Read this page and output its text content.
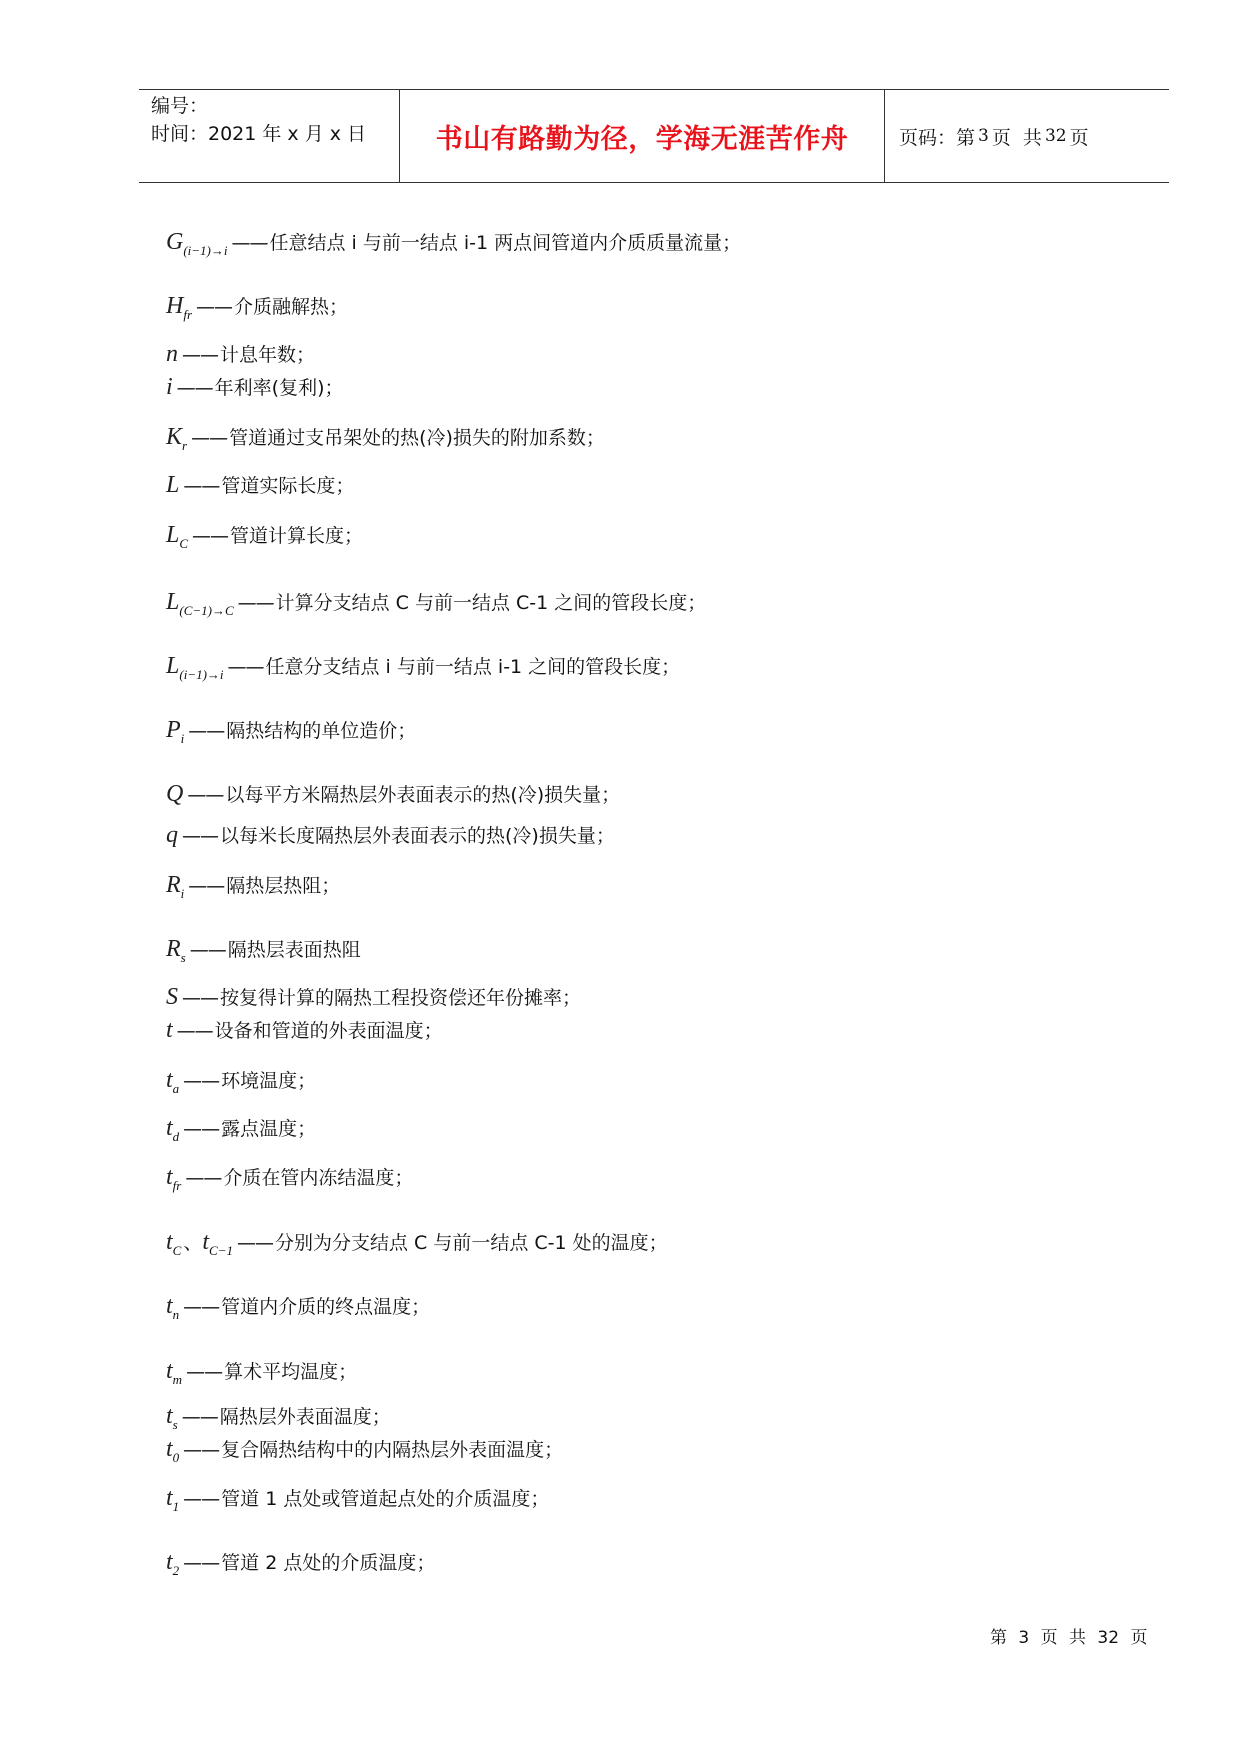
编号：
时间：2021 年 x 月 x 日	书山有路勤为径，学海无涯苦作舟	页码：第 3 页  共 32 页
$G_{(i-1)\to i}$ —— 任意结点 i 与前一结点 i-1 两点间管道内介质质量流量；
$H_{fr}$ —— 介质融解热；
n —— 计息年数；
i —— 年利率(复利)；
$K_r$ —— 管道通过支吊架处的热(冷)损失的附加系数；
L —— 管道实际长度；
$L_C$ —— 管道计算长度；
$L_{(C-1)\to C}$ —— 计算分支结点 C 与前一结点 C-1 之间的管段长度；
$L_{(i-1)\to i}$ —— 任意分支结点 i 与前一结点 i-1 之间的管段长度；
$P_i$ —— 隔热结构的单位造价；
Q —— 以每平方米隔热层外表面表示的热(冷)损失量；
q —— 以每米长度隔热层外表面表示的热(冷)损失量；
$R_i$ —— 隔热层热阻；
$R_s$ —— 隔热层表面热阻
S —— 按复得计算的隔热工程投资偿还年份摊率；
t —— 设备和管道的外表面温度；
$t_a$ —— 环境温度；
$t_d$ —— 露点温度；
$t_{fr}$ —— 介质在管内冻结温度；
$t_C$ 、$t_{C-1}$ —— 分别为分支结点 C 与前一结点 C-1 处的温度；
$t_n$ —— 管道内介质的终点温度；
$t_m$ —— 算术平均温度；
$t_s$ —— 隔热层外表面温度；
$t_0$ —— 复合隔热结构中的内隔热层外表面温度；
$t_1$ —— 管道 1 点处或管道起点处的介质温度；
$t_2$ —— 管道 2 点处的介质温度；
第 3 页 共 32 页
